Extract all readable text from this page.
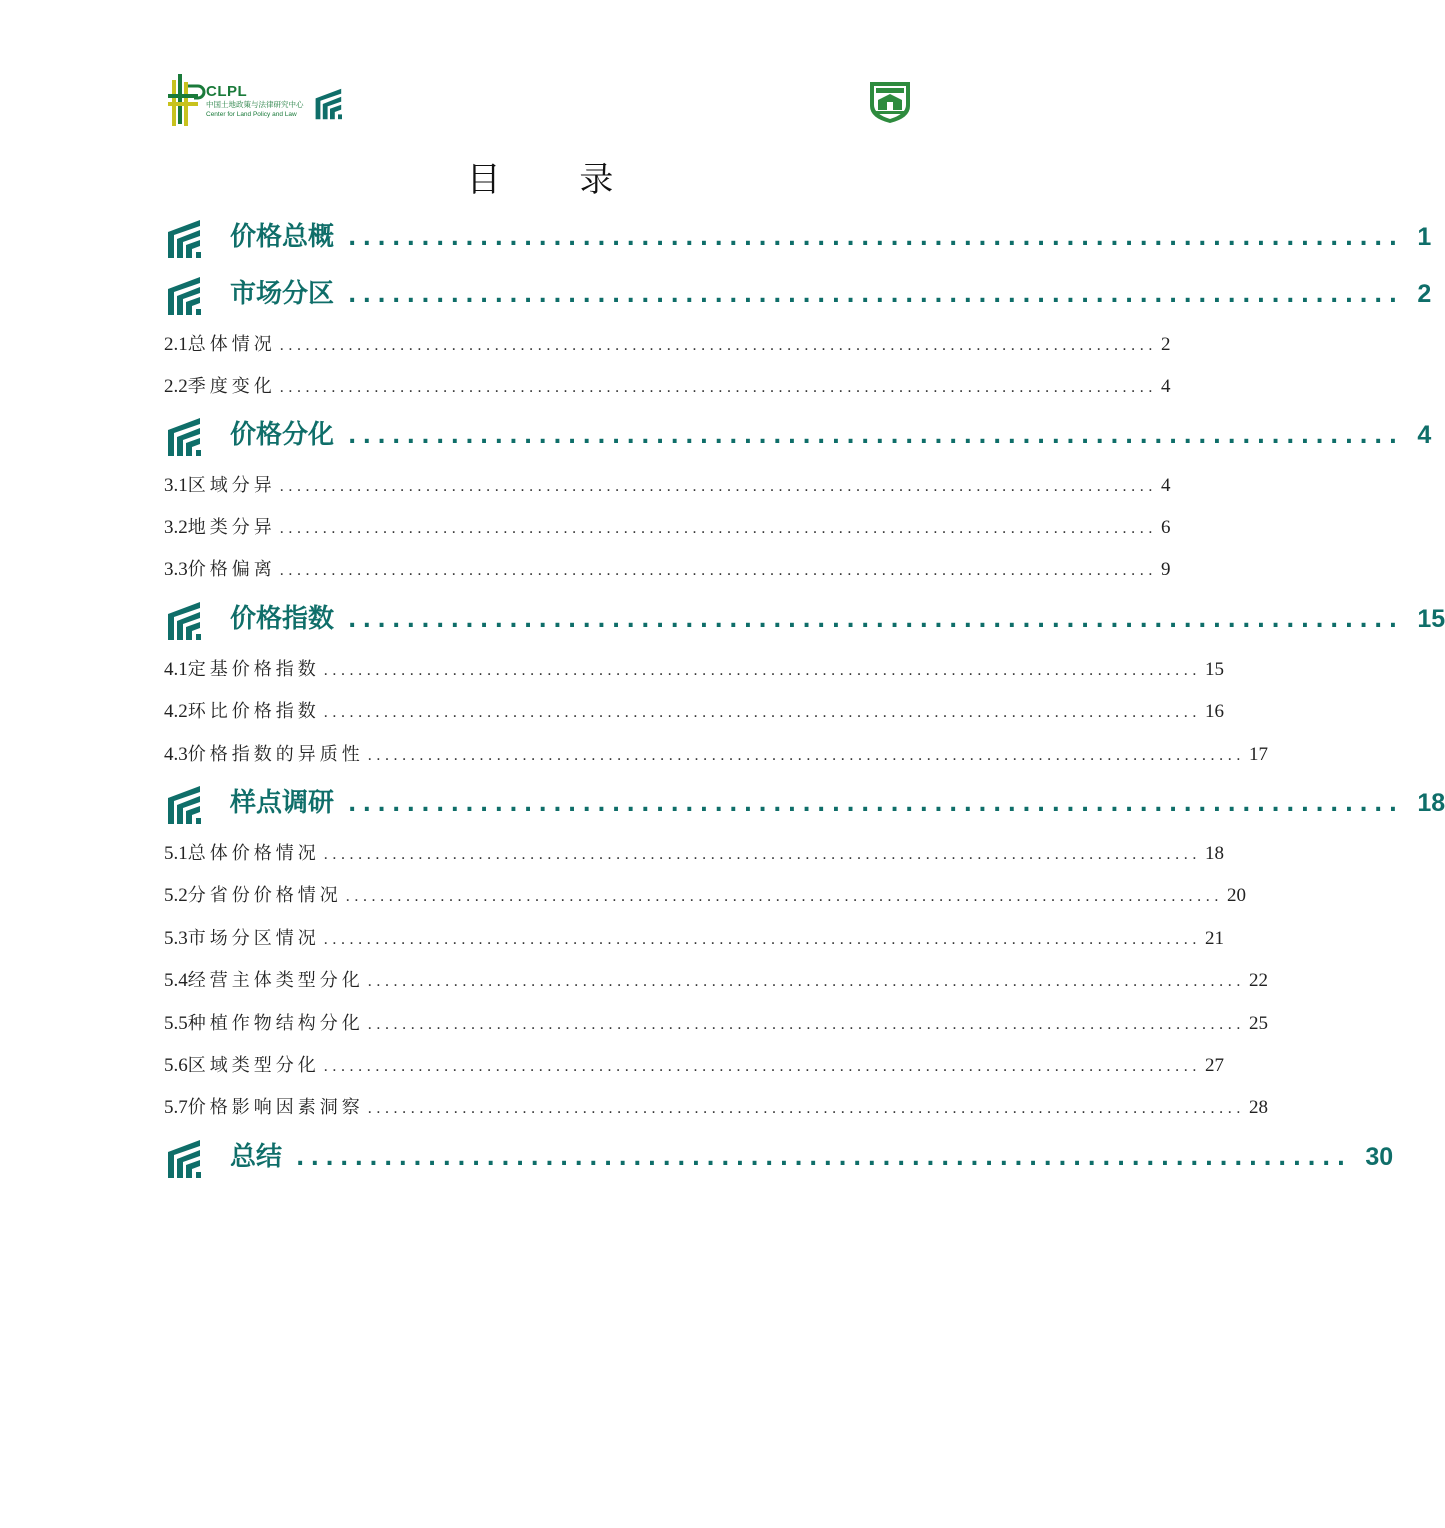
CLPL
中国土地政策与法律研究中心
Center for Land Policy and Law
目 录
价格总概 ........................................................................ 1
市场分区 ........................................................................ 2
2.1 总体情况 ...................................................................................................... 2
2.2 季度变化 ...................................................................................................... 4
价格分化 ........................................................................ 4
3.1 区域分异 ...................................................................................................... 4
3.2 地类分异 ...................................................................................................... 6
3.3 价格偏离 ...................................................................................................... 9
价格指数 ........................................................................ 15
4.1 定基价格指数 ...................................................................................................... 15
4.2 环比价格指数 ...................................................................................................... 16
4.3 价格指数的异质性 ...................................................................................................... 17
样点调研 ........................................................................ 18
5.1 总体价格情况 ...................................................................................................... 18
5.2 分省份价格情况 ...................................................................................................... 20
5.3 市场分区情况 ...................................................................................................... 21
5.4 经营主体类型分化 ...................................................................................................... 22
5.5 种植作物结构分化 ...................................................................................................... 25
5.6 区域类型分化 ...................................................................................................... 27
5.7 价格影响因素洞察 ...................................................................................................... 28
总结 ........................................................................ 30
